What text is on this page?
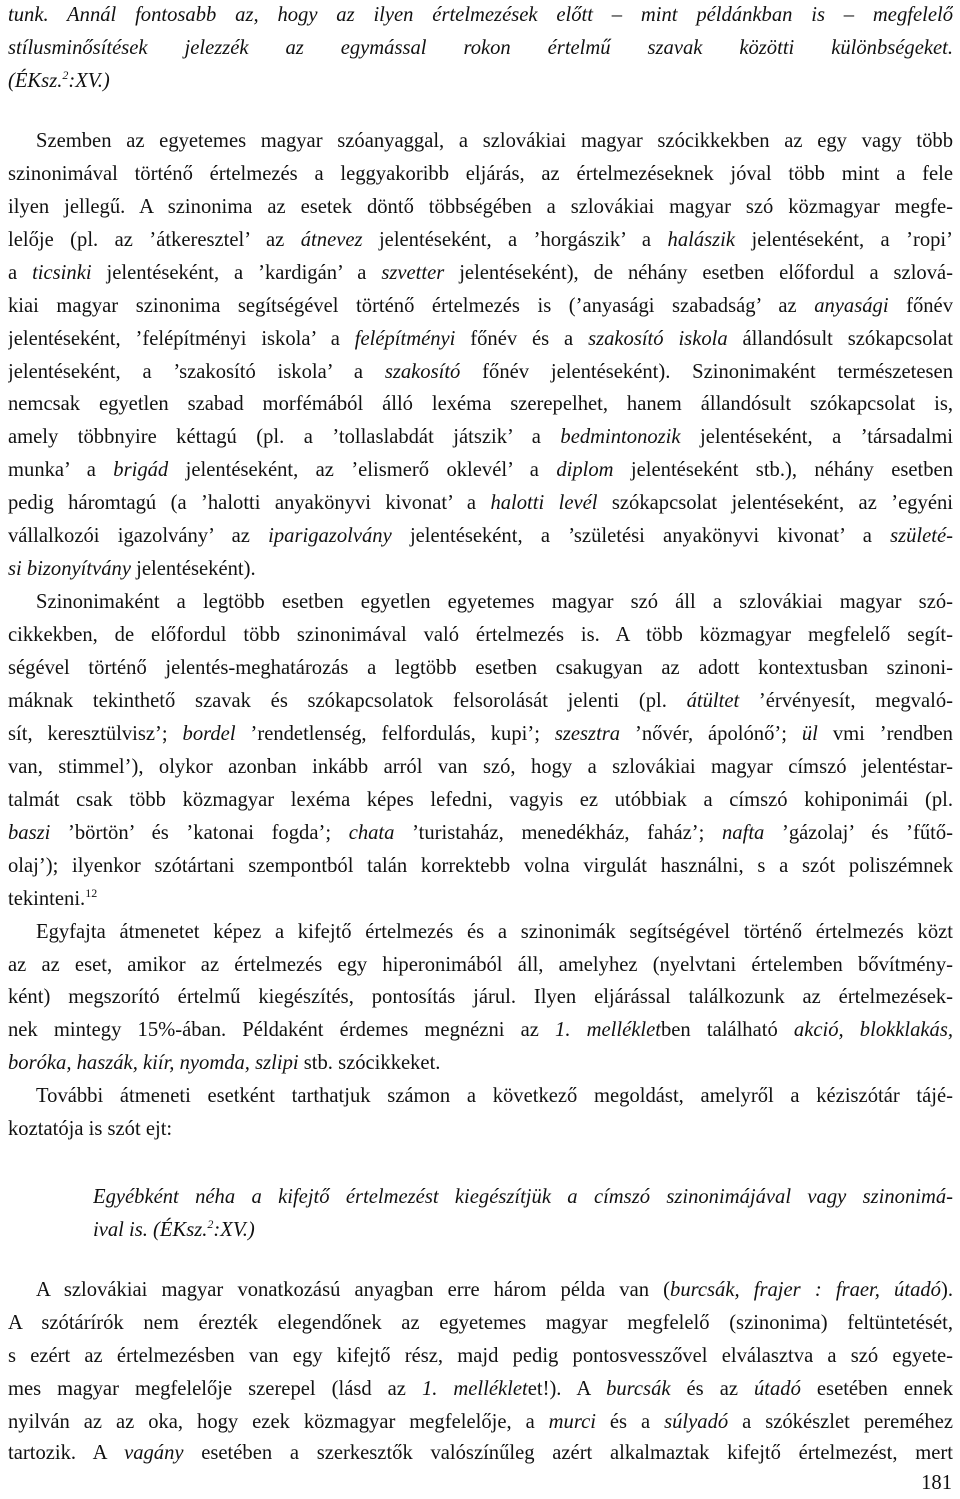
tunk. Annál fontosabb az, hogy az ilyen értelmezések előtt – mint példánkban is – megfelelő
stílusminősítések jelezzék az egymással rokon értelmű szavak közötti különbségeket.
(ÉKsz.$^2$:XV.)
Szemben az egyetemes magyar szóanyaggal, a szlovákiai magyar szócikkekben az egy vagy több
szinonimával történő értelmezés a leggyakoribb eljárás, az értelmezéseknek jóval több mint a fele
ilyen jellegű. A szinonima az esetek döntő többségében a szlovákiai magyar szó közmagyar megfe-
lelője (pl. az ’átkeresztel’ az átnevez jelentéseként, a ’horgászik’ a halászik jelentéseként, a ’ropi’
a ticsinki jelentéseként, a ’kardigán’ a szvetter jelentéseként), de néhány esetben előfordul a szlová-
kiai magyar szinonima segítségével történő értelmezés is (’anyasági szabadság’ az anyasági főnév
jelentéseként, ’felépítményi iskola’ a felépítményi főnév és a szakosító iskola állandósult szókapcsolat
jelentéseként, a ’szakosító iskola’ a szakosító főnév jelentéseként). Szinonimaként természetesen
nemcsak egyetlen szabad morfémából álló lexéma szerepelhet, hanem állandósult szókapcsolat is,
amely többnyire kéttagú (pl. a ’tollaslabdát játszik’ a bedmintonozik jelentéseként, a ’társadalmi
munka’ a brigád jelentéseként, az ’elismerő oklevél’ a diplom jelentéseként stb.), néhány esetben
pedig háromtagú (a ’halotti anyakönyvi kivonat’ a halotti levél szókapcsolat jelentéseként, az ’egyéni
vállalkozói igazolvány’ az iparigazolvány jelentéseként, a ’születési anyakönyvi kivonat’ a születé-
si bizonyítvány jelentéseként).
Szinonimaként a legtöbb esetben egyetlen egyetemes magyar szó áll a szlovákiai magyar szó-
cikkekben, de előfordul több szinonimával való értelmezés is. A több közmagyar megfelelő segít-
ségével történő jelentés-meghatározás a legtöbb esetben csakugyan az adott kontextusban szinoni-
máknak tekinthető szavak és szókapcsolatok felsorolását jelenti (pl. átültet ’érvényesít, megvaló-
sít, keresztülvisz’; bordel ’rendetlenség, felfordulás, kupi’; szesztra ’nővér, ápolónő’; ül vmi ’rendben
van, stimmel’), olykor azonban inkább arról van szó, hogy a szlovákiai magyar címszó jelentéstar-
talmát csak több közmagyar lexéma képes lefedni, vagyis ez utóbbiak a címszó kohiponimái (pl.
baszi ’börtön’ és ’katonai fogda’; chata ’turistaház, menedékház, faház’; nafta ’gázolaj’ és ’fűtő-
olaj’); ilyenkor szótártani szempontból talán korrektebb volna virgulát használni, s a szót poliszémnek
tekinteni.$^{12}$
Egyfajta átmenetet képez a kifejtő értelmezés és a szinonimák segítségével történő értelmezés közt
az az eset, amikor az értelmezés egy hiperonimából áll, amelyhez (nyelvtani értelemben bővítmény-
ként) megszorító értelmű kiegészítés, pontosítás járul. Ilyen eljárással találkozunk az értelmezések-
nek mintegy 15%-ában. Példaként érdemes megnézni az 1. mellékletben található akció, blokklakás,
boróka, haszák, kiír, nyomda, szlipi stb. szócikkeket.
További átmeneti esetként tarthatjuk számon a következő megoldást, amelyről a kéziszótár tájé-
koztatója is szót ejt:
Egyébként néha a kifejtő értelmezést kiegészítjük a címszó szinonimájával vagy szinonimá-
ival is. (ÉKsz.$^2$:XV.)
A szlovákiai magyar vonatkozású anyagban erre három példa van (burcsák, frajer : fraer, útadó).
A szótárírók nem érezték elegendőnek az egyetemes magyar megfelelő (szinonima) feltüntetését,
s ezért az értelmezésben van egy kifejtő rész, majd pedig pontosvesszővel elválasztva a szó egyete-
mes magyar megfelelője szerepel (lásd az 1. mellékletet!). A burcsák és az útadó esetében ennek
nyilván az az oka, hogy ezek közmagyar megfelelője, a murci és a súlyadó a szókészlet pereméhez
tartozik. A vagány esetében a szerkesztők valószínűleg azért alkalmaztak kifejtő értelmezést, mert
181
